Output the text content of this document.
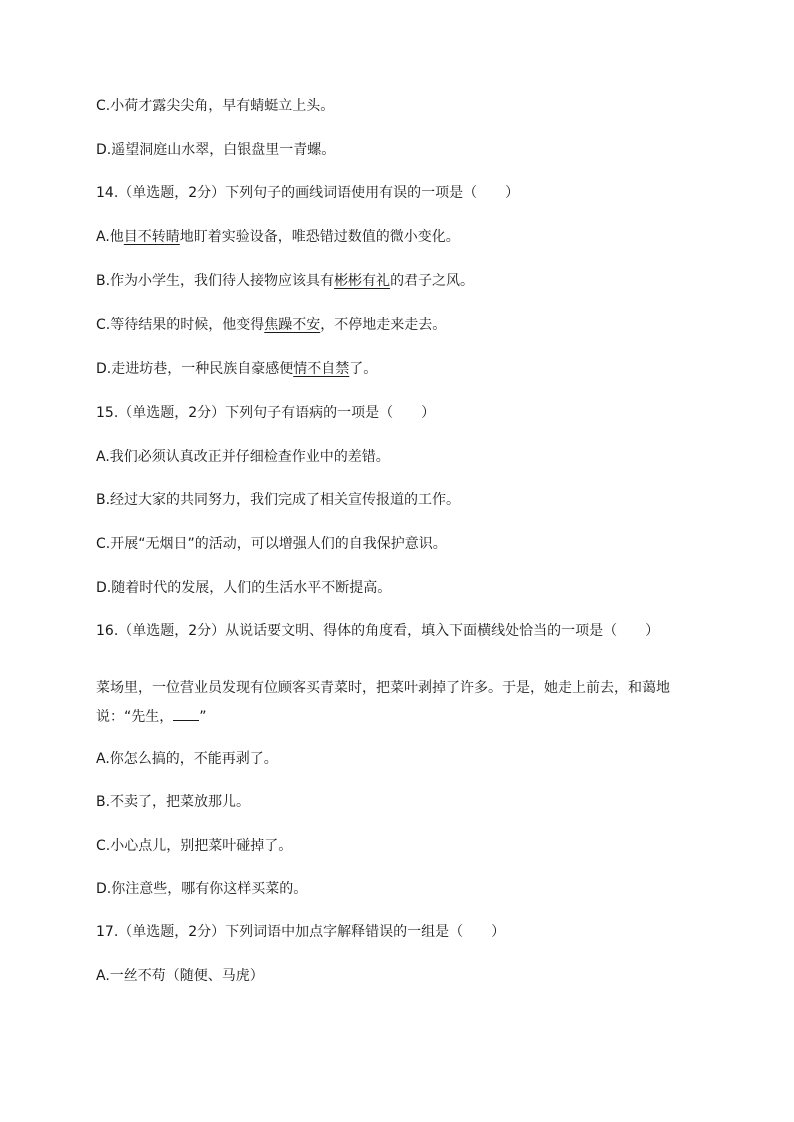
C.小荷才露尖尖角，早有蜻蜓立上头。
D.遥望洞庭山水翠，白银盘里一青螺。
14.（单选题，2分）下列句子的画线词语使用有误的一项是（　　）
A.他目不转睛地盯着实验设备，唯恐错过数值的微小变化。
B.作为小学生，我们待人接物应该具有彬彬有礼的君子之风。
C.等待结果的时候，他变得焦躁不安，不停地走来走去。
D.走进坊巷，一种民族自豪感便情不自禁了。
15.（单选题，2分）下列句子有语病的一项是（　　）
A.我们必须认真改正并仔细检查作业中的差错。
B.经过大家的共同努力，我们完成了相关宣传报道的工作。
C.开展“无烟日”的活动，可以增强人们的自我保护意识。
D.随着时代的发展，人们的生活水平不断提高。
16.（单选题，2分）从说话要文明、得体的角度看，填入下面横线处恰当的一项是（　　）
菜场里，一位营业员发现有位顾客买青菜时，把菜叶剥掉了许多。于是，她走上前去，和蔼地
说：“先生， ”
A.你怎么搞的，不能再剥了。
B.不卖了，把菜放那儿。
C.小心点儿，别把菜叶碰掉了。
D.你注意些，哪有你这样买菜的。
17.（单选题，2分）下列词语中加点字解释错误的一组是（　　）
A.一丝不苟（随便、马虎）
